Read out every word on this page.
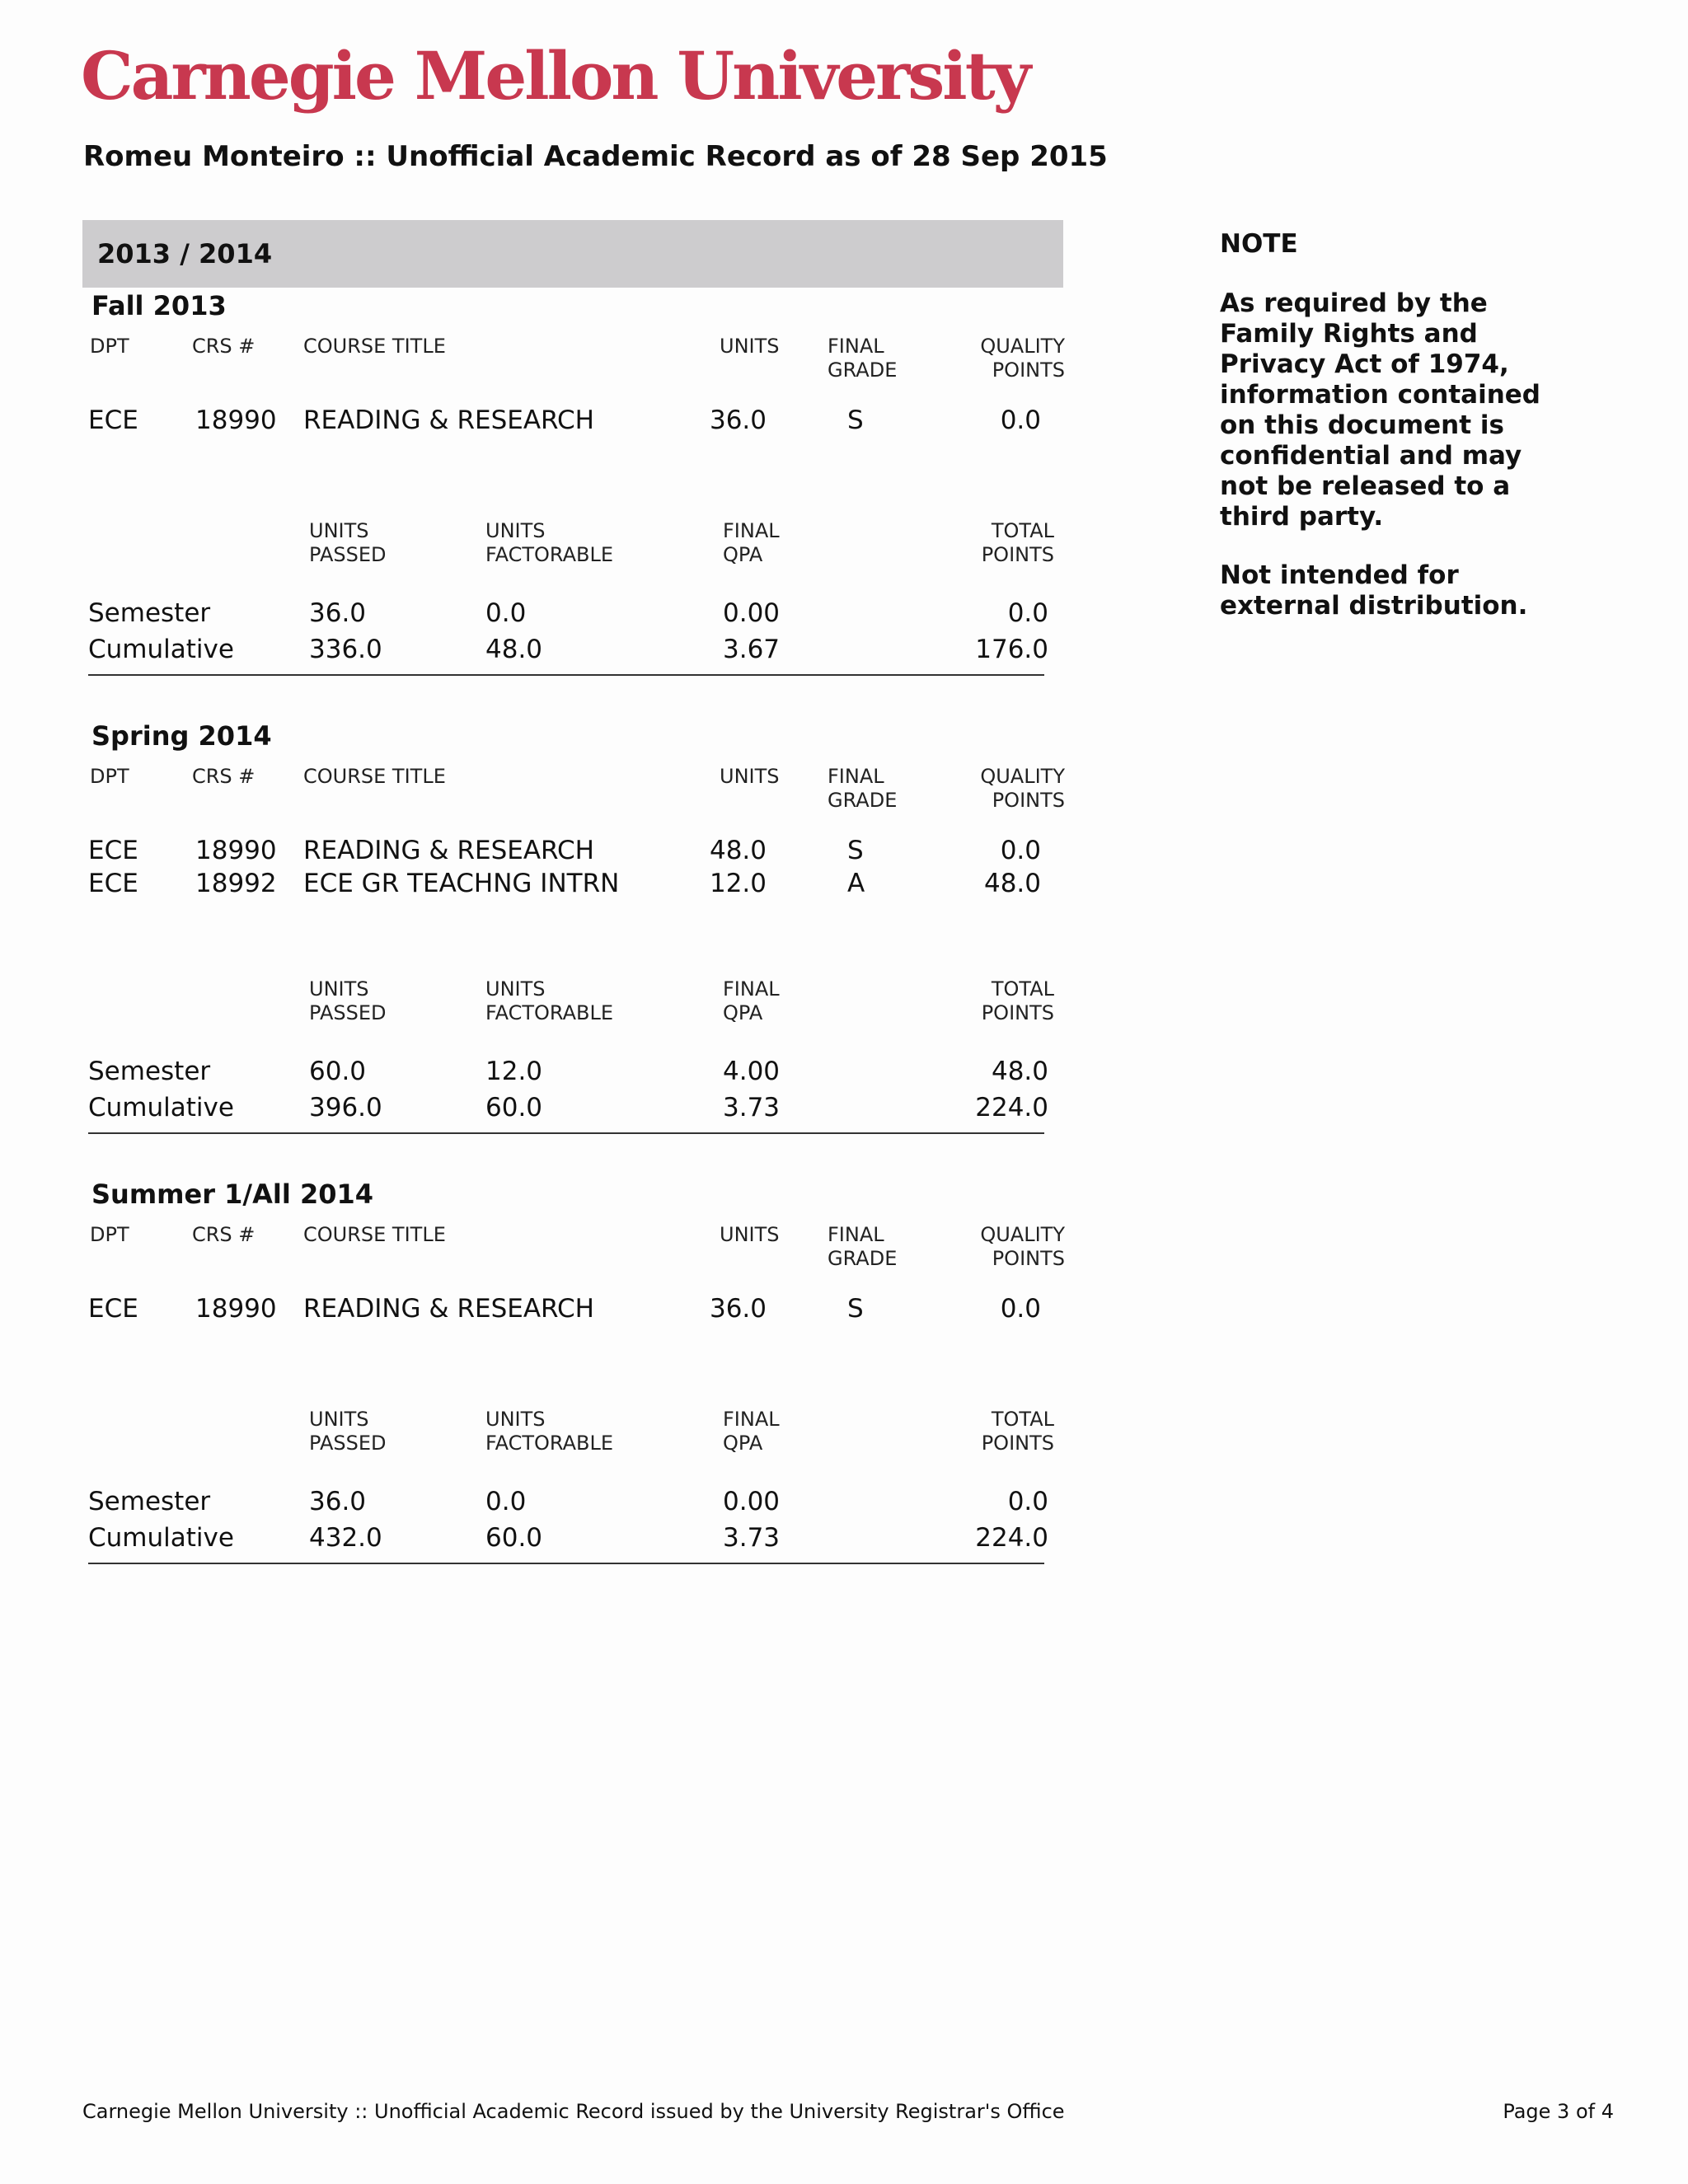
Carnegie Mellon University
Romeu Monteiro :: Unofficial Academic Record as of 28 Sep 2015
2013 / 2014
Fall 2013
DPT	CRS # COURSE TITLE	UNITS FINAL
GRADE
QUALITY
POINTS
ECE 18990 READING & RESEARCH	36.0	S	0.0
UNITS
PASSED
UNITS
FACTORABLE
FINAL
QPA
TOTAL
POINTS
Semester	36.0	0.0	0.00	0.0
Cumulative	336.0	48.0	3.67	176.0
Spring 2014
DPT	CRS # COURSE TITLE	UNITS FINAL
GRADE
QUALITY
POINTS
ECE 18990 READING & RESEARCH	48.0	S	0.0
ECE 18992 ECE GR TEACHNG INTRN	12.0	A	48.0
UNITS
PASSED
UNITS
FACTORABLE
FINAL
QPA
TOTAL
POINTS
Semester	60.0	12.0	4.00	48.0
Cumulative	396.0	60.0	3.73	224.0
Summer 1/All 2014
DPT	CRS # COURSE TITLE	UNITS FINAL
GRADE
QUALITY
POINTS
ECE 18990 READING & RESEARCH	36.0	S	0.0
UNITS
PASSED
UNITS
FACTORABLE
FINAL
QPA
TOTAL
POINTS
Semester	36.0	0.0	0.00	0.0
Cumulative	432.0	60.0	3.73	224.0
NOTE

As required by the Family Rights and Privacy Act of 1974, information contained on this document is confidential and may not be released to a third party.

Not intended for external distribution.

Carnegie Mellon University :: Unofficial Academic Record issued by the University Registrar's Office	Page 3 of 4
